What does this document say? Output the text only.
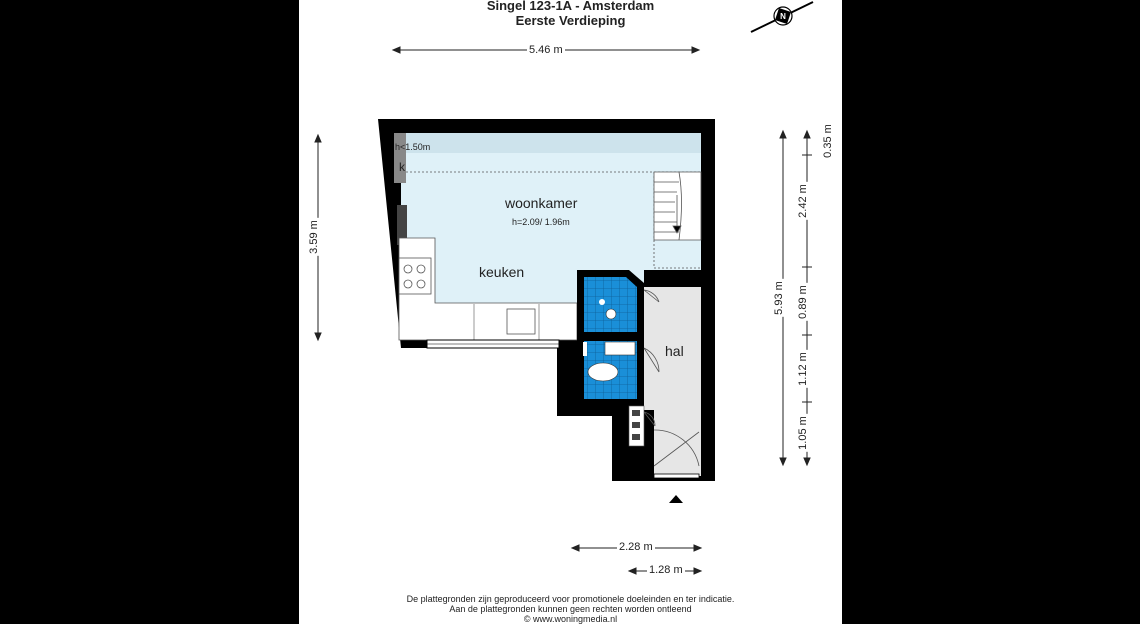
Singel 123-1A - Amsterdam
Eerste Verdieping	N
5.46 m
3.59 m
5.93 m
0.35 m
2.42 m
0.89 m
1.12 m
1.05 m
2.28 m
1.28 m
woonkamer
h=2.09/ 1.96m
keuken
hal
h<1.50m
k
De plattegronden zijn geproduceerd voor promotionele doeleinden en ter indicatie.
Aan de plattegronden kunnen geen rechten worden ontleend
© www.woningmedia.nl
